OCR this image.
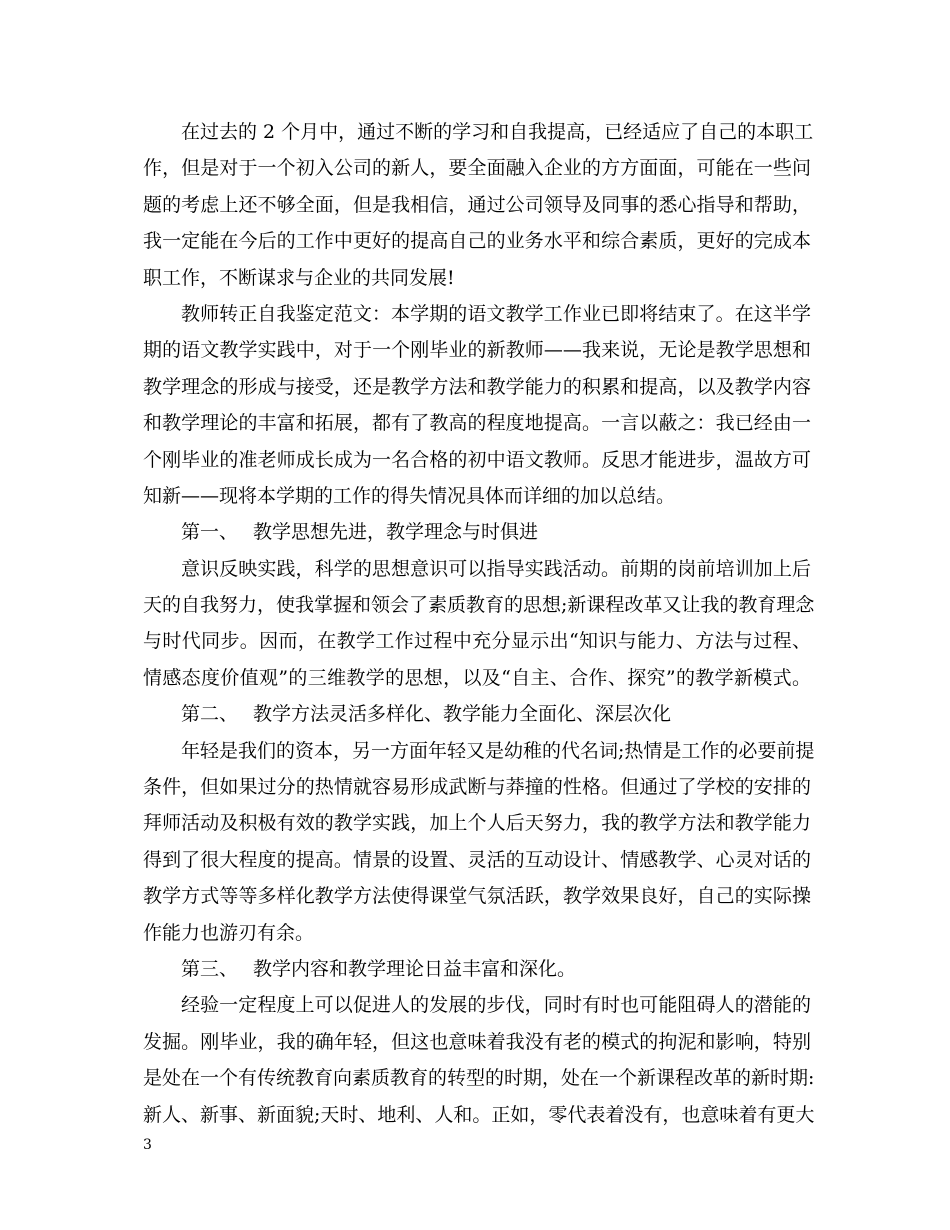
在过去的 2 个月中，通过不断的学习和自我提高，已经适应了自己的本职工
作，但是对于一个初入公司的新人，要全面融入企业的方方面面，可能在一些问
题的考虑上还不够全面，但是我相信，通过公司领导及同事的悉心指导和帮助，
我一定能在今后的工作中更好的提高自己的业务水平和综合素质，更好的完成本
职工作，不断谋求与企业的共同发展!
教师转正自我鉴定范文：本学期的语文教学工作业已即将结束了。在这半学
期的语文教学实践中，对于一个刚毕业的新教师——我来说，无论是教学思想和
教学理念的形成与接受，还是教学方法和教学能力的积累和提高，以及教学内容
和教学理论的丰富和拓展，都有了教高的程度地提高。一言以蔽之：我已经由一
个刚毕业的准老师成长成为一名合格的初中语文教师。反思才能进步，温故方可
知新——现将本学期的工作的得失情况具体而详细的加以总结。
第一、 教学思想先进，教学理念与时俱进
意识反映实践，科学的思想意识可以指导实践活动。前期的岗前培训加上后
天的自我努力，使我掌握和领会了素质教育的思想;新课程改革又让我的教育理念
与时代同步。因而，在教学工作过程中充分显示出“知识与能力、方法与过程、
情感态度价值观”的三维教学的思想，以及“自主、合作、探究”的教学新模式。
第二、 教学方法灵活多样化、教学能力全面化、深层次化
年轻是我们的资本，另一方面年轻又是幼稚的代名词;热情是工作的必要前提
条件，但如果过分的热情就容易形成武断与莽撞的性格。但通过了学校的安排的
拜师活动及积极有效的教学实践，加上个人后天努力，我的教学方法和教学能力
得到了很大程度的提高。情景的设置、灵活的互动设计、情感教学、心灵对话的
教学方式等等多样化教学方法使得课堂气氛活跃，教学效果良好，自己的实际操
作能力也游刃有余。
第三、 教学内容和教学理论日益丰富和深化。
经验一定程度上可以促进人的发展的步伐，同时有时也可能阻碍人的潜能的
发掘。刚毕业，我的确年轻，但这也意味着我没有老的模式的拘泥和影响，特别
是处在一个有传统教育向素质教育的转型的时期，处在一个新课程改革的新时期:
新人、新事、新面貌;天时、地利、人和。正如，零代表着没有，也意味着有更大
3
